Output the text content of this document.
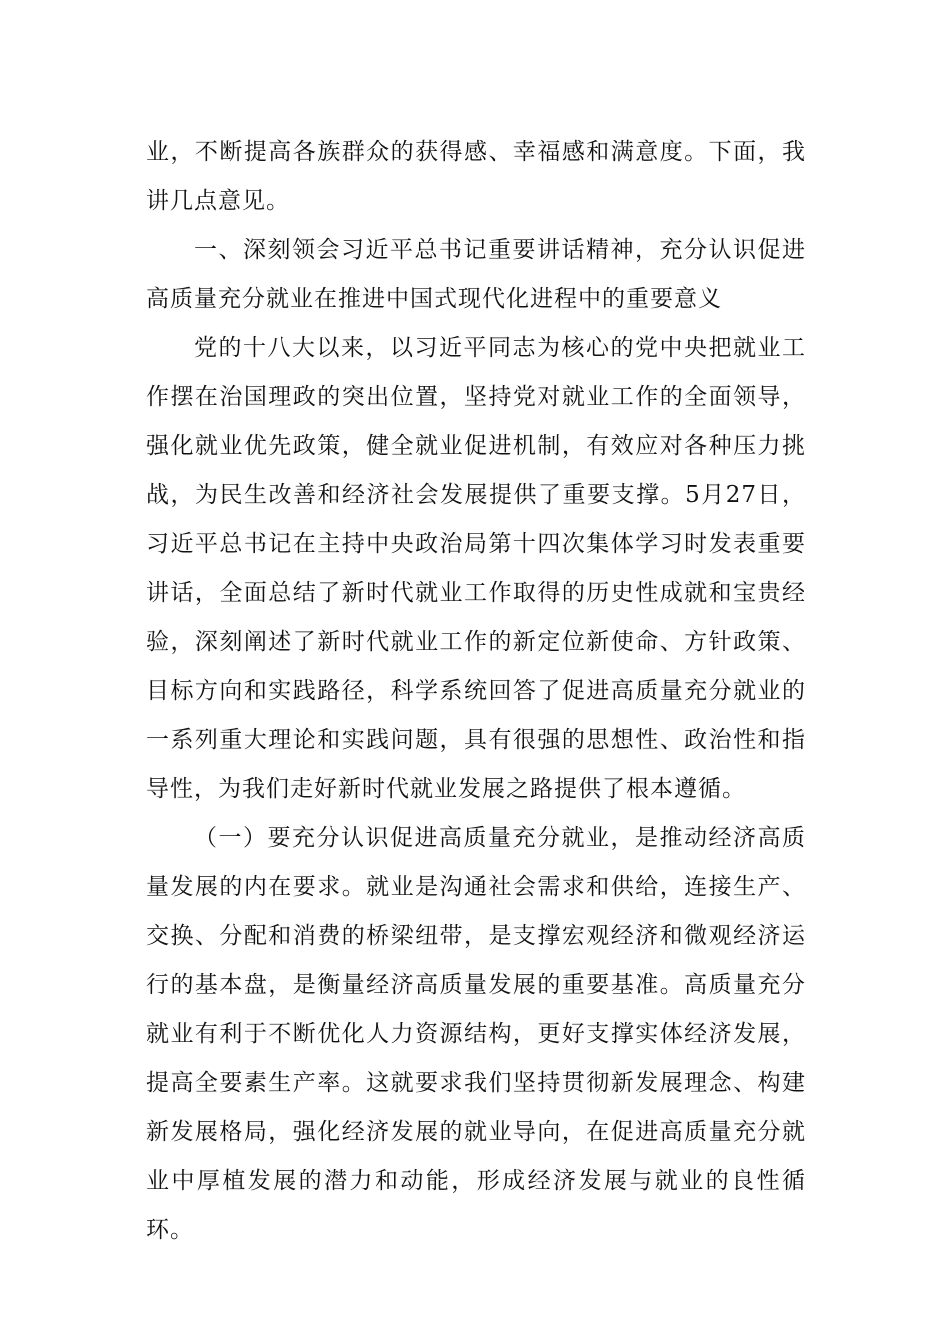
业，不断提高各族群众的获得感、幸福感和满意度。下面，我讲几点意见。

一、深刻领会习近平总书记重要讲话精神，充分认识促进高质量充分就业在推进中国式现代化进程中的重要意义

党的十八大以来，以习近平同志为核心的党中央把就业工作摆在治国理政的突出位置，坚持党对就业工作的全面领导，强化就业优先政策，健全就业促进机制，有效应对各种压力挑战，为民生改善和经济社会发展提供了重要支撑。5月27日，习近平总书记在主持中央政治局第十四次集体学习时发表重要讲话，全面总结了新时代就业工作取得的历史性成就和宝贵经验，深刻阐述了新时代就业工作的新定位新使命、方针政策、目标方向和实践路径，科学系统回答了促进高质量充分就业的一系列重大理论和实践问题，具有很强的思想性、政治性和指导性，为我们走好新时代就业发展之路提供了根本遵循。

（一）要充分认识促进高质量充分就业，是推动经济高质量发展的内在要求。就业是沟通社会需求和供给，连接生产、交换、分配和消费的桥梁纽带，是支撑宏观经济和微观经济运行的基本盘，是衡量经济高质量发展的重要基准。高质量充分就业有利于不断优化人力资源结构，更好支撑实体经济发展，提高全要素生产率。这就要求我们坚持贯彻新发展理念、构建新发展格局，强化经济发展的就业导向，在促进高质量充分就业中厚植发展的潜力和动能，形成经济发展与就业的良性循环。
